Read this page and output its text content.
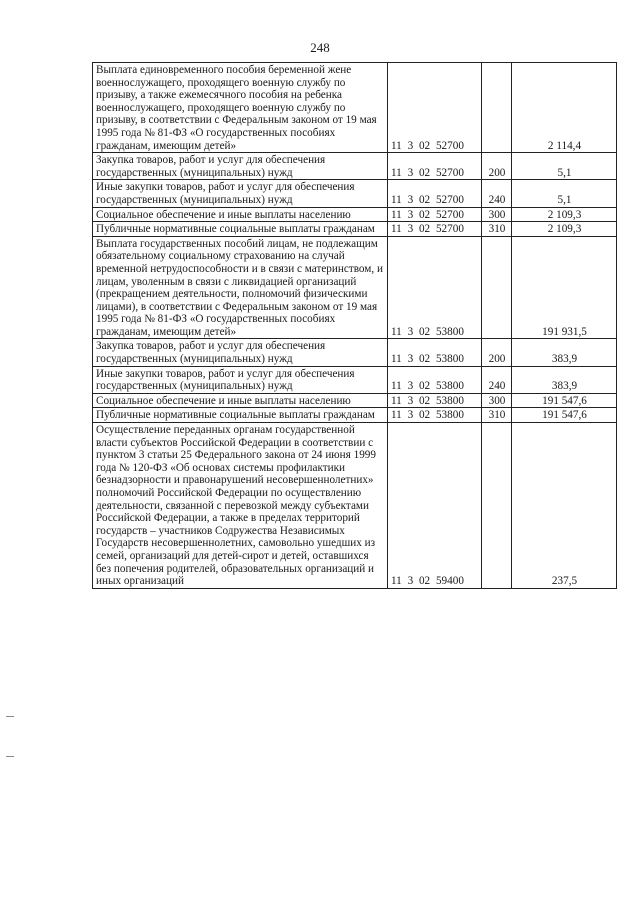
248
Выплата единовременного пособия беременной жене военнослужащего, проходящего военную службу по призыву, а также ежемесячного пособия на ребенка военнослужащего, проходящего военную службу по призыву, в соответствии с Федеральным законом от 19 мая 1995 года № 81-ФЗ «О государственных пособиях гражданам, имеющим детей»	11 3 02 52700		2 114,4
Закупка товаров, работ и услуг для обеспечения государственных (муниципальных) нужд	11 3 02 52700	200	5,1
Иные закупки товаров, работ и услуг для обеспечения государственных (муниципальных) нужд	11 3 02 52700	240	5,1
Социальное обеспечение и иные выплаты населению	11 3 02 52700	300	2 109,3
Публичные нормативные социальные выплаты гражданам	11 3 02 52700	310	2 109,3
Выплата государственных пособий лицам, не подлежащим обязательному социальному страхованию на случай временной нетрудоспособности и в связи с материнством, и лицам, уволенным в связи с ликвидацией организаций (прекращением деятельности, полномочий физическими лицами), в соответствии с Федеральным законом от 19 мая 1995 года № 81-ФЗ «О государственных пособиях гражданам, имеющим детей»	11 3 02 53800		191 931,5
Закупка товаров, работ и услуг для обеспечения государственных (муниципальных) нужд	11 3 02 53800	200	383,9
Иные закупки товаров, работ и услуг для обеспечения государственных (муниципальных) нужд	11 3 02 53800	240	383,9
Социальное обеспечение и иные выплаты населению	11 3 02 53800	300	191 547,6
Публичные нормативные социальные выплаты гражданам	11 3 02 53800	310	191 547,6
Осуществление переданных органам государственной власти субъектов Российской Федерации в соответствии с пунктом 3 статьи 25 Федерального закона от 24 июня 1999 года № 120-ФЗ «Об основах системы профилактики безнадзорности и правонарушений несовершеннолетних» полномочий Российской Федерации по осуществлению деятельности, связанной с перевозкой между субъектами Российской Федерации, а также в пределах территорий государств – участников Содружества Независимых Государств несовершеннолетних, самовольно ушедших из семей, организаций для детей-сирот и детей, оставшихся без попечения родителей, образовательных организаций и иных организаций	11 3 02 59400		237,5
